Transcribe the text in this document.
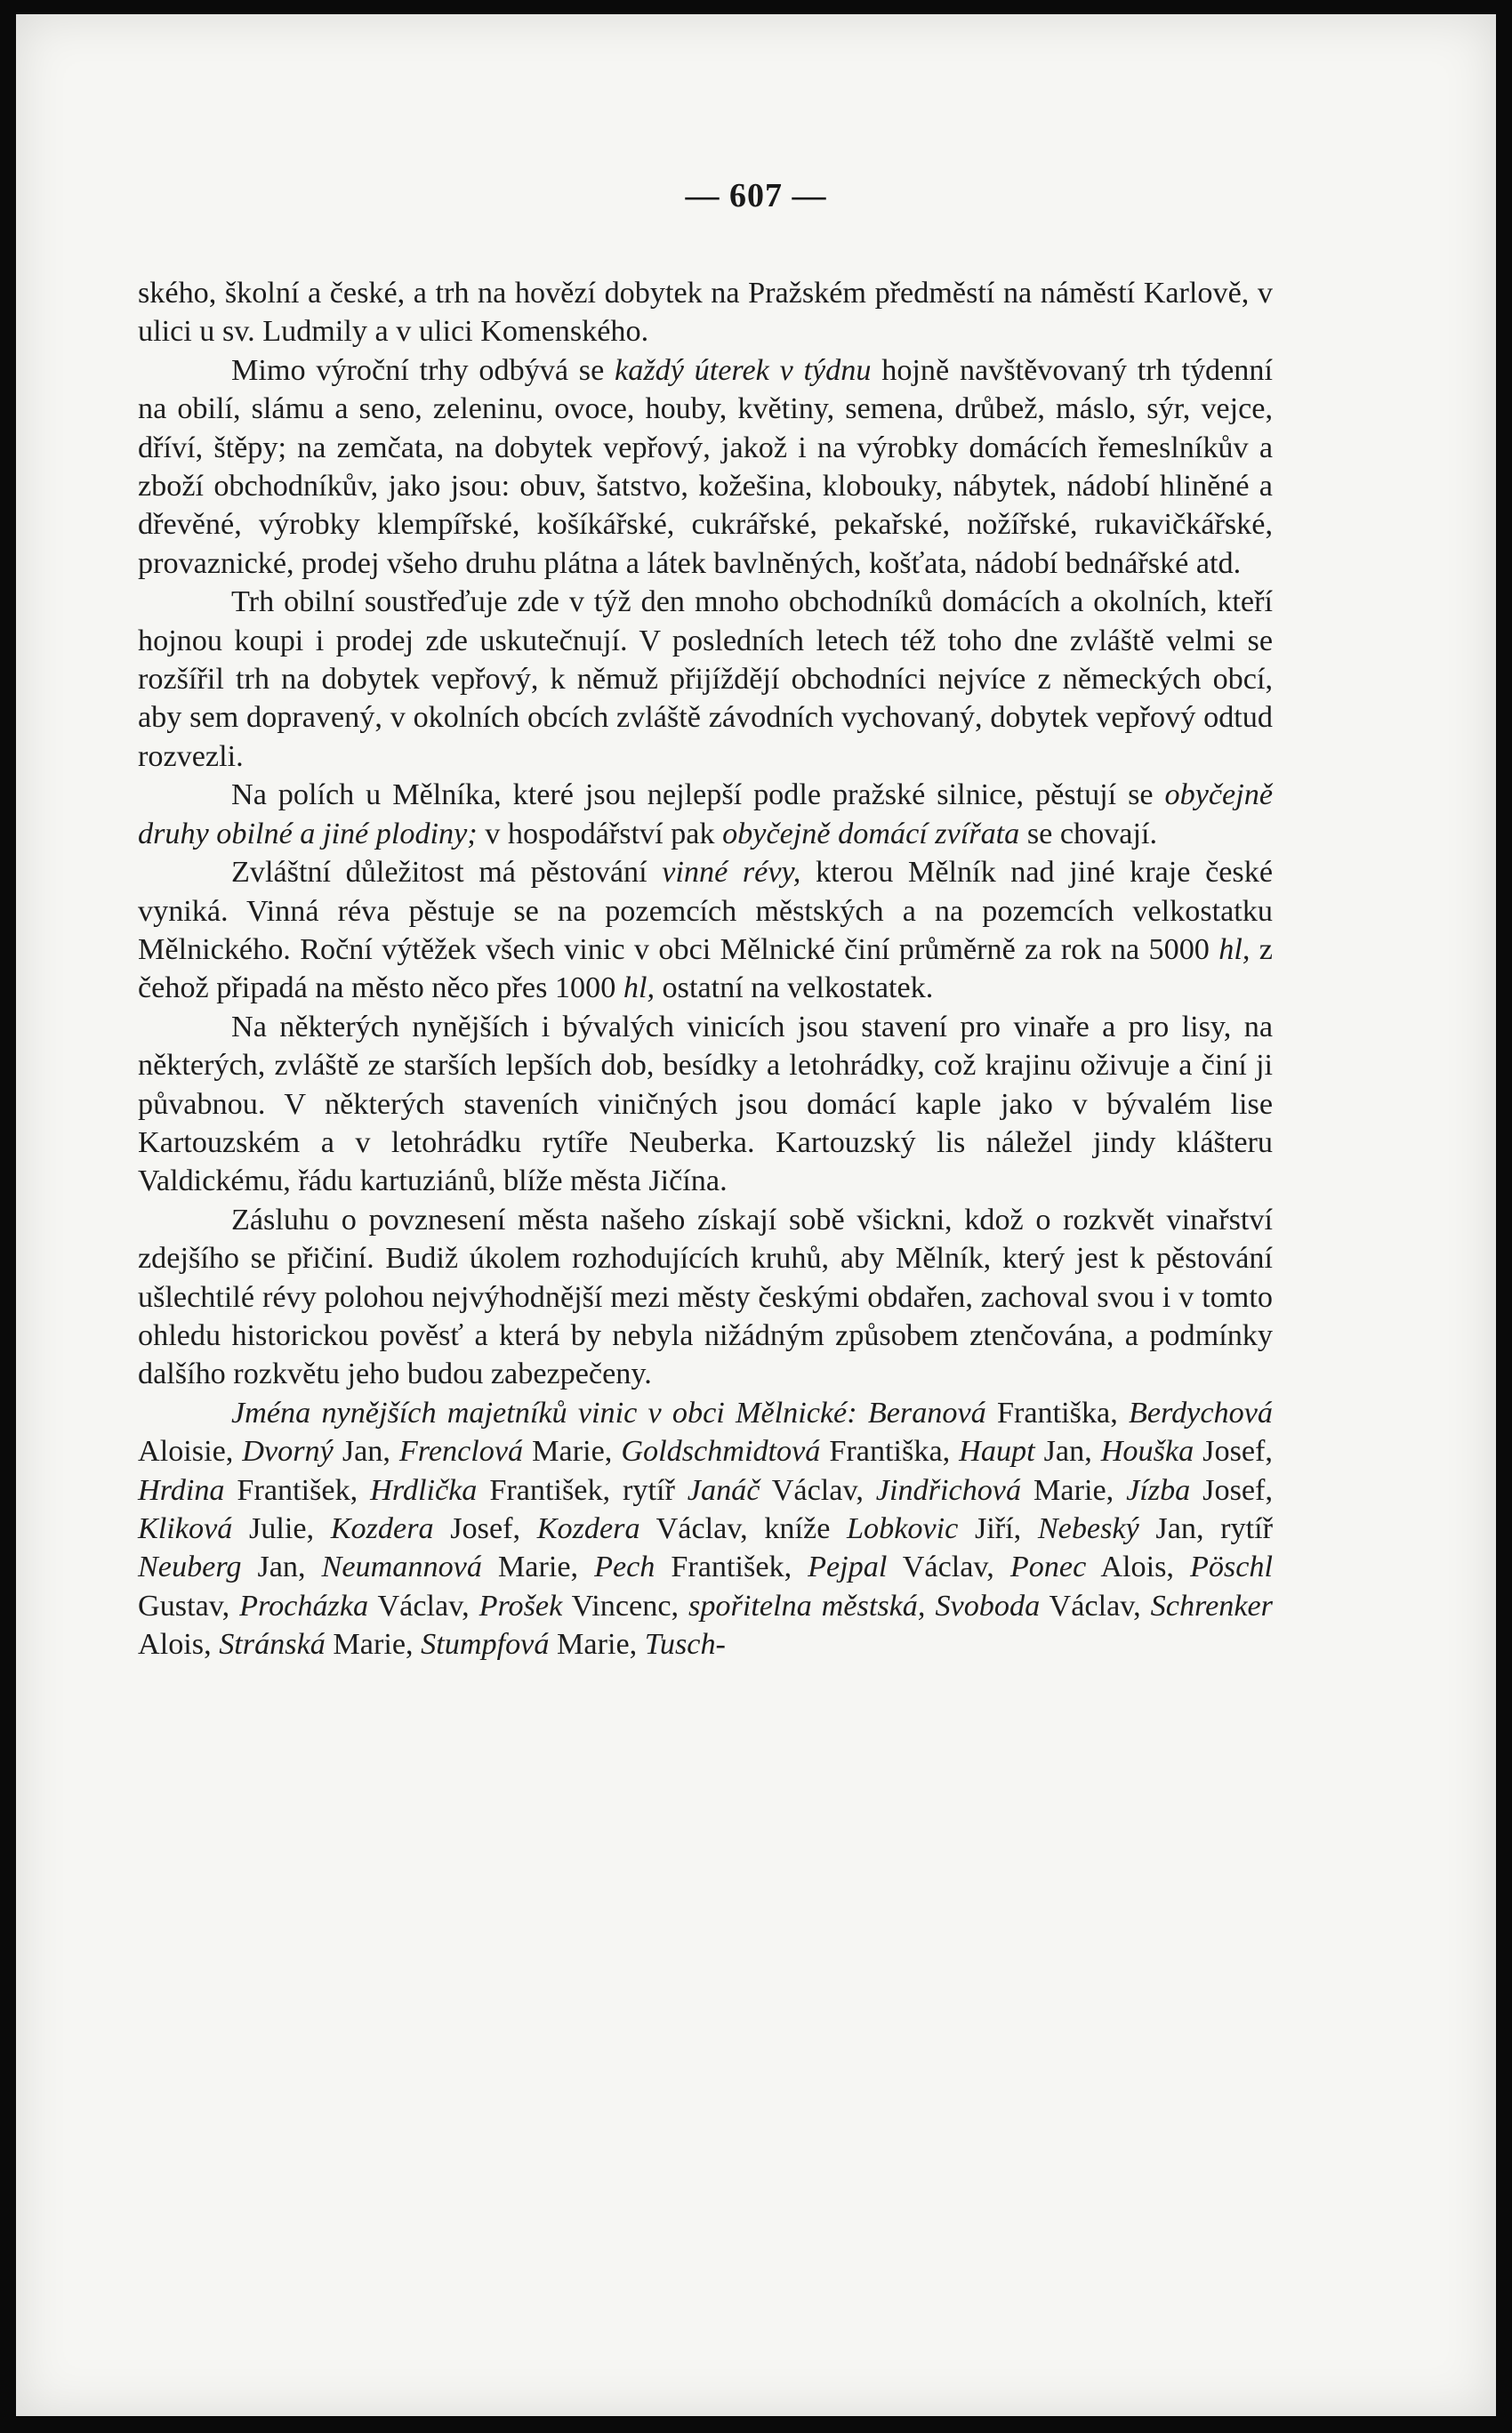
— 607 —

ského, školní a české, a trh na hovězí dobytek na Pražském předměstí na náměstí Karlově, v ulici u sv. Ludmily a v ulici Komenského.

Mimo výroční trhy odbývá se každý úterek v týdnu hojně navštěvovaný trh týdenní na obilí, slámu a seno, zeleninu, ovoce, houby, květiny, semena, drůbež, máslo, sýr, vejce, dříví, štěpy; na zemčata, na dobytek vepřový, jakož i na výrobky domácích řemeslníkův a zboží obchodníkův, jako jsou: obuv, šatstvo, kožešina, klobouky, nábytek, nádobí hliněné a dřevěné, výrobky klempířské, košíkářské, cukrářské, pekařské, nožířské, rukavičkářské, provaznické, prodej všeho druhu plátna a látek bavlněných, košťata, nádobí bednářské atd.

Trh obilní soustřeďuje zde v týž den mnoho obchodníků domácích a okolních, kteří hojnou koupi i prodej zde uskutečnují. V posledních letech též toho dne zvláště velmi se rozšířil trh na dobytek vepřový, k němuž přijíždějí obchodníci nejvíce z německých obcí, aby sem dopravený, v okolních obcích zvláště závodních vychovaný, dobytek vepřový odtud rozvezli.

Na polích u Mělníka, které jsou nejlepší podle pražské silnice, pěstují se obyčejně druhy obilné a jiné plodiny; v hospodářství pak obyčejně domácí zvířata se chovají.

Zvláštní důležitost má pěstování vinné révy, kterou Mělník nad jiné kraje české vyniká. Vinná réva pěstuje se na pozemcích městských a na pozemcích velkostatku Mělnického. Roční výtěžek všech vinic v obci Mělnické činí průměrně za rok na 5000 hl, z čehož připadá na město něco přes 1000 hl, ostatní na velkostatek.

Na některých nynějších i bývalých vinicích jsou stavení pro vinaře a pro lisy, na některých, zvláště ze starších lepších dob, besídky a letohrádky, což krajinu oživuje a činí ji půvabnou. V některých staveních viničných jsou domácí kaple jako v bývalém lise Kartouzském a v letohrádku rytíře Neuberka. Kartouzský lis náležel jindy klášteru Valdickému, řádu kartuziánů, blíže města Jičína.

Zásluhu o povznesení města našeho získají sobě všickni, kdož o rozkvět vinařství zdejšího se přičiní. Budiž úkolem rozhodujících kruhů, aby Mělník, který jest k pěstování ušlechtilé révy polohou nejvýhodnější mezi městy českými obdařen, zachoval svou i v tomto ohledu historickou pověsť a která by nebyla nižádným způsobem ztenčována, a podmínky dalšího rozkvětu jeho budou zabezpečeny.

Jména nynějších majetníků vinic v obci Mělnické: Beranová Františka, Berdychová Aloisie, Dvorný Jan, Frenclová Marie, Goldschmidtová Františka, Haupt Jan, Houška Josef, Hrdina František, Hrdlička František, rytíř Janáč Václav, Jindřichová Marie, Jízba Josef, Kliková Julie, Kozdera Josef, Kozdera Václav, kníže Lobkovic Jiří, Nebeský Jan, rytíř Neuberg Jan, Neumannová Marie, Pech František, Pejpal Václav, Ponec Alois, Pöschl Gustav, Procházka Václav, Prošek Vincenc, spořitelna městská, Svoboda Václav, Schrenker Alois, Stránská Marie, Stumpfová Marie, Tusch-
